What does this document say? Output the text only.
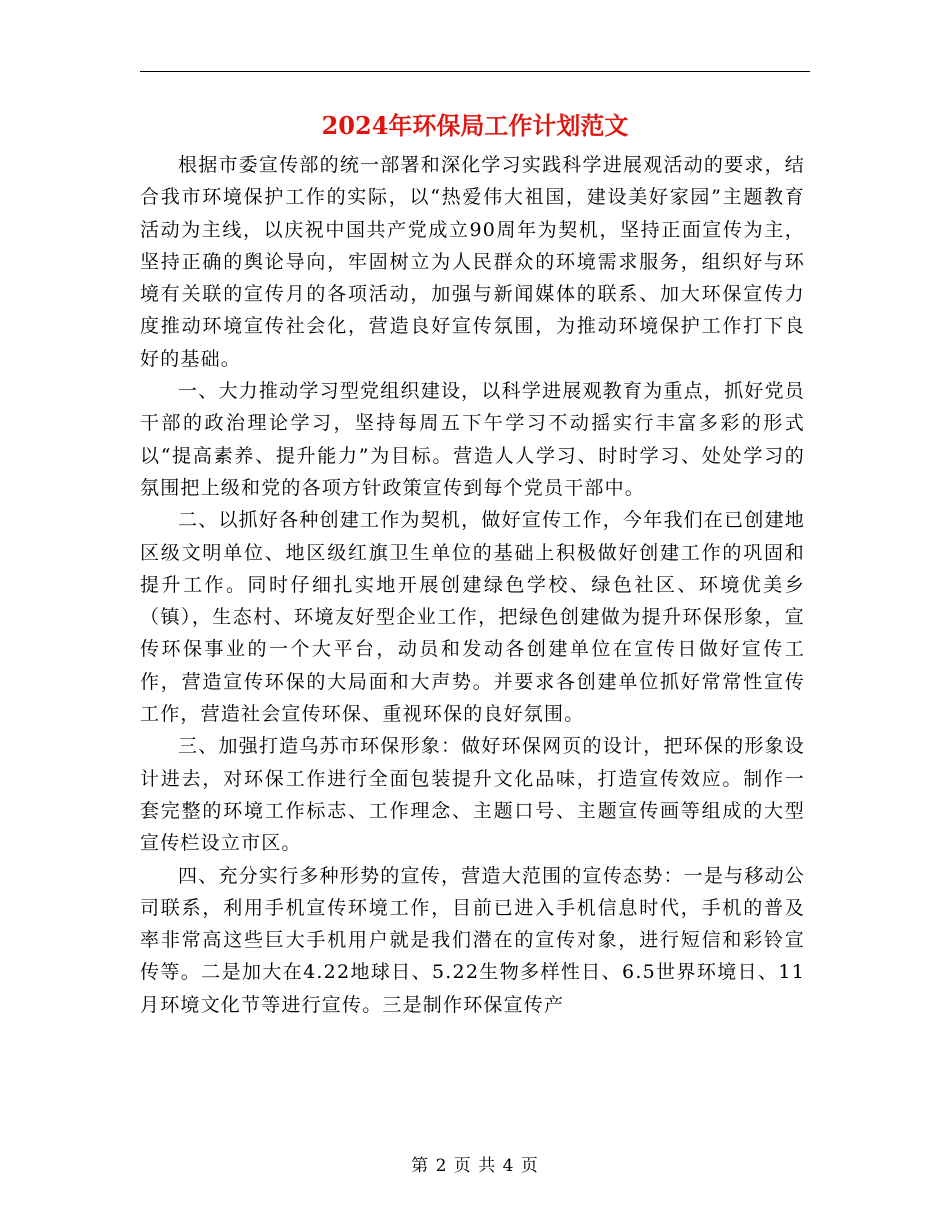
2024年环保局工作计划范文

根据市委宣传部的统一部署和深化学习实践科学进展观活动的要求，结合我市环境保护工作的实际，以“热爱伟大祖国，建设美好家园”主题教育活动为主线，以庆祝中国共产党成立90周年为契机，坚持正面宣传为主，坚持正确的舆论导向，牢固树立为人民群众的环境需求服务，组织好与环境有关联的宣传月的各项活动，加强与新闻媒体的联系、加大环保宣传力度推动环境宣传社会化，营造良好宣传氛围，为推动环境保护工作打下良好的基础。

一、大力推动学习型党组织建设，以科学进展观教育为重点，抓好党员干部的政治理论学习，坚持每周五下午学习不动摇实行丰富多彩的形式以“提高素养、提升能力”为目标。营造人人学习、时时学习、处处学习的氛围把上级和党的各项方针政策宣传到每个党员干部中。

二、以抓好各种创建工作为契机，做好宣传工作，今年我们在已创建地区级文明单位、地区级红旗卫生单位的基础上积极做好创建工作的巩固和提升工作。同时仔细扎实地开展创建绿色学校、绿色社区、环境优美乡（镇），生态村、环境友好型企业工作，把绿色创建做为提升环保形象，宣传环保事业的一个大平台，动员和发动各创建单位在宣传日做好宣传工作，营造宣传环保的大局面和大声势。并要求各创建单位抓好常常性宣传工作，营造社会宣传环保、重视环保的良好氛围。

三、加强打造乌苏市环保形象：做好环保网页的设计，把环保的形象设计进去，对环保工作进行全面包装提升文化品味，打造宣传效应。制作一套完整的环境工作标志、工作理念、主题口号、主题宣传画等组成的大型宣传栏设立市区。

四、充分实行多种形势的宣传，营造大范围的宣传态势：一是与移动公司联系，利用手机宣传环境工作，目前已进入手机信息时代，手机的普及率非常高这些巨大手机用户就是我们潜在的宣传对象，进行短信和彩铃宣传等。二是加大在4.22地球日、5.22生物多样性日、6.5世界环境日、11月环境文化节等进行宣传。三是制作环保宣传产

第 2 页 共 4 页
